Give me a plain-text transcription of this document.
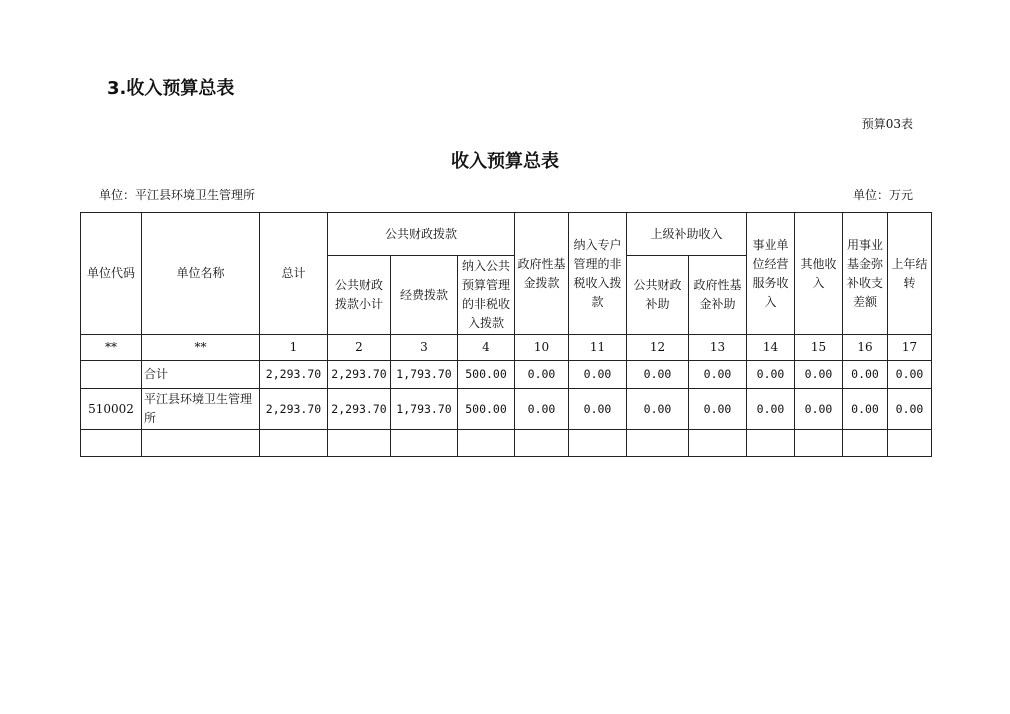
3.收入预算总表
预算03表
收入预算总表
单位：平江县环境卫生管理所	单位：万元
单位代码	单位名称	总计	公共财政拨款			政府性基金拨款	纳入专户管理的非税收入拨款	上级补助收入		事业单位经营服务收入	其他收入	用事业基金弥补收支差额	上年结转
			公共财政拨款小计	经费拨款	纳入公共预算管理的非税收入拨款			公共财政补助	政府性基金补助				
**	**	1	2	3	4	10	11	12	13	14	15	16	17
	合计	2,293.70	2,293.70	1,793.70	500.00	0.00	0.00	0.00	0.00	0.00	0.00	0.00	0.00
510002	平江县环境卫生管理所	2,293.70	2,293.70	1,793.70	500.00	0.00	0.00	0.00	0.00	0.00	0.00	0.00	0.00
